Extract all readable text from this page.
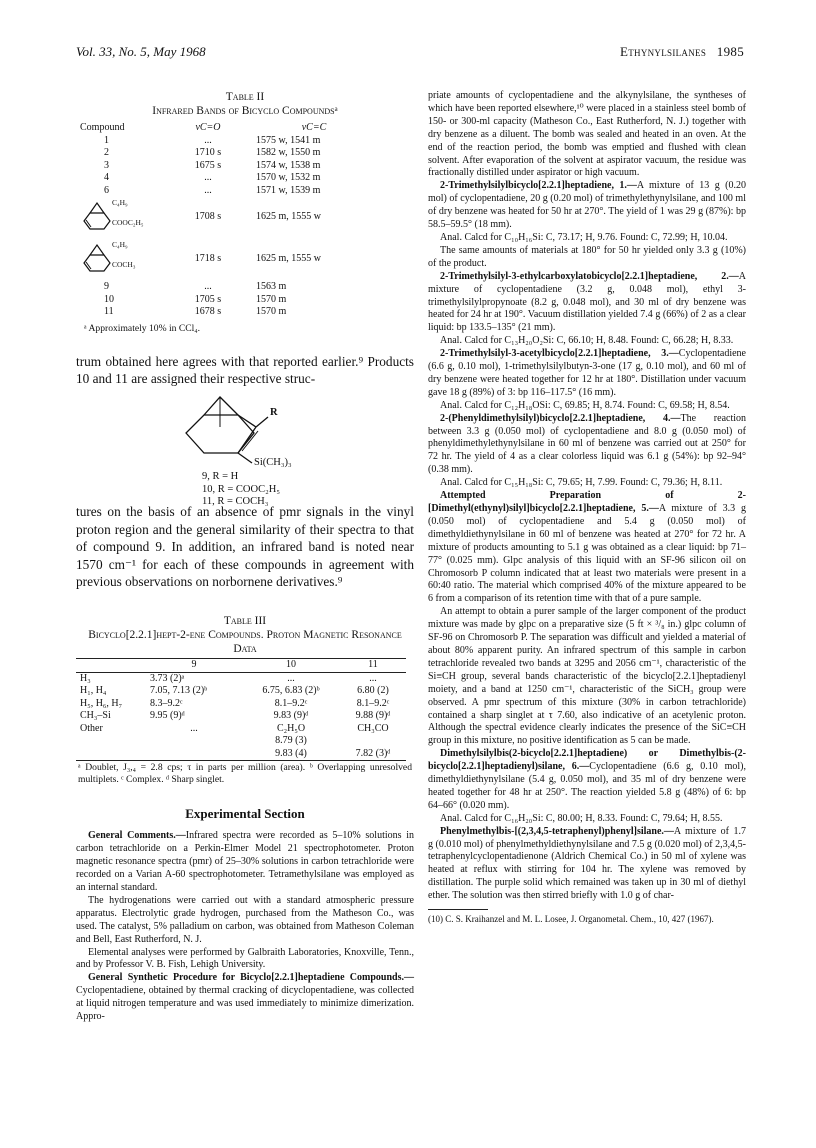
Vol. 33, No. 5, May 1968	Ethynylsilanes 1985
Table II
Infrared Bands of Bicyclo Compoundsᵃ
Compound	νC=O	νC=C
1	...	1575 w, 1541 m
2	1710 s	1582 w, 1550 m
3	1675 s	1574 w, 1538 m
4	...	1570 w, 1532 m
6	...	1571 w, 1539 m

C₄H₉
COOC₂H₅	1708 s	1625 m, 1555 w

C₄H₉
COCH₃	1718 s	1625 m, 1555 w
9	...	1563 m
10	1705 s	1570 m
11	1678 s	1570 m
ᵃ Approximately 10% in CCl₄.
trum obtained here agrees with that reported earlier.⁹ Products 10 and 11 are assigned their respective struc-
R
Si(CH₃)₃
9, R = H
10, R = COOC₂H₅
11, R = COCH₃
tures on the basis of an absence of pmr signals in the vinyl proton region and the general similarity of their spectra to that of compound 9. In addition, an infrared band is noted near 1570 cm⁻¹ for each of these compounds in agreement with previous observations on norbornene derivatives.⁹
Table III
Bicyclo[2.2.1]hept-2-ene Compounds. Proton Magnetic Resonance Data
	9	10	11
H₃	3.73 (2)ᵃ	...	...
H₁, H₄	7.05, 7.13 (2)ᵇ	6.75, 6.83 (2)ᵇ	6.80 (2)
H₅, H₆, H₇	8.3–9.2ᶜ	8.1–9.2ᶜ	8.1–9.2ᶜ
CH₃–Si	9.95 (9)ᵈ	9.83 (9)ᵈ	9.88 (9)ᵈ
Other	...	C₂H₅O	CH₃CO
		8.79 (3)	
		9.83 (4)	7.82 (3)ᵈ

ᵃ Doublet, J₃,₄ = 2.8 cps; τ in parts per million (area). ᵇ Overlapping unresolved multiplets. ᶜ Complex. ᵈ Sharp singlet.
Experimental Section

General Comments.—Infrared spectra were recorded as 5–10% solutions in carbon tetrachloride on a Perkin-Elmer Model 21 spectrophotometer. Proton magnetic resonance spectra (pmr) of 25–30% solutions in carbon tetrachloride were recorded on a Varian A-60 spectrophotometer. Tetramethylsilane was employed as an internal standard.

The hydrogenations were carried out with a standard atmospheric pressure apparatus. Electrolytic grade hydrogen, purchased from the Matheson Co., was used. The catalyst, 5% palladium on carbon, was obtained from Matheson Coleman and Bell, East Rutherford, N. J.

Elemental analyses were performed by Galbraith Laboratories, Knoxville, Tenn., and by Professor V. B. Fish, Lehigh University.

General Synthetic Procedure for Bicyclo[2.2.1]heptadiene Compounds.—Cyclopentadiene, obtained by thermal cracking of dicyclopentadiene, was collected at liquid nitrogen temperature and was used immediately to minimize dimerization. Appro-

priate amounts of cyclopentadiene and the alkynylsilane, the syntheses of which have been reported elsewhere,¹⁰ were placed in a stainless steel bomb of 150- or 300-ml capacity (Matheson Co., East Rutherford, N. J.) together with dry benzene as a diluent. The bomb was sealed and heated in an oven. At the end of the reaction period, the bomb was emptied and flushed with clean solvent. After evaporation of the solvent at aspirator vacuum, the residue was fractionally distilled under aspirator or high vacuum.

2-Trimethylsilylbicyclo[2.2.1]heptadiene, 1.—A mixture of 13 g (0.20 mol) of cyclopentadiene, 20 g (0.20 mol) of trimethylethynylsilane, and 100 ml of dry benzene was heated for 50 hr at 270°. The yield of 1 was 29 g (87%): bp 58.5–59.5° (18 mm).

Anal. Calcd for C₁₀H₁₆Si: C, 73.17; H, 9.76. Found: C, 72.99; H, 10.04.

The same amounts of materials at 180° for 50 hr yielded only 3.3 g (10%) of the product.

2-Trimethylsilyl-3-ethylcarboxylatobicyclo[2.2.1]heptadiene, 2.—A mixture of cyclopentadiene (3.2 g, 0.048 mol), ethyl 3-trimethylsilylpropynoate (8.2 g, 0.048 mol), and 30 ml of dry benzene was heated for 24 hr at 190°. Vacuum distillation yielded 7.4 g (66%) of 2 as a clear liquid: bp 133.5–135° (21 mm).

Anal. Calcd for C₁₃H₂₀O₂Si: C, 66.10; H, 8.48. Found: C, 66.28; H, 8.33.

2-Trimethylsilyl-3-acetylbicyclo[2.2.1]heptadiene, 3.—Cyclopentadiene (6.6 g, 0.10 mol), 1-trimethylsilylbutyn-3-one (17 g, 0.10 mol), and 60 ml of dry benzene were heated together for 12 hr at 180°. Distillation under vacuum gave 18 g (89%) of 3: bp 116–117.5° (16 mm).

Anal. Calcd for C₁₂H₁₈OSi: C, 69.85; H, 8.74. Found: C, 69.58; H, 8.54.

2-(Phenyldimethylsilyl)bicyclo[2.2.1]heptadiene, 4.—The reaction between 3.3 g (0.050 mol) of cyclopentadiene and 8.0 g (0.050 mol) of phenyldimethylethynylsilane in 60 ml of benzene was carried out at 250° for 72 hr. The yield of 4 as a clear colorless liquid was 6.1 g (54%): bp 92–94° (0.38 mm).

Anal. Calcd for C₁₅H₁₈Si: C, 79.65; H, 7.99. Found: C, 79.36; H, 8.11.

Attempted Preparation of 2-[Dimethyl(ethynyl)silyl]bicyclo[2.2.1]heptadiene, 5.—A mixture of 3.3 g (0.050 mol) of cyclopentadiene and 5.4 g (0.050 mol) of dimethyldiethynylsilane in 60 ml of benzene was heated at 270° for 72 hr. A mixture of products amounting to 5.1 g was obtained as a clear liquid: bp 71–77° (0.025 mm). Glpc analysis of this liquid with an SF-96 silicon oil on Chromosorb P column indicated that at least two materials were present in a 60:40 ratio. The material which comprised 40% of the mixture appeared to be 6 from a comparison of its retention time with that of a pure sample.

An attempt to obtain a purer sample of the larger component of the product mixture was made by glpc on a preparative size (5 ft × ³/₈ in.) glpc column of SF-96 on Chromosorb P. The separation was difficult and yielded a material of about 80% apparent purity. An infrared spectrum of this sample in carbon tetrachloride revealed two bands at 3295 and 2056 cm⁻¹, characteristic of the Si≡CH group, several bands characteristic of the bicyclo[2.2.1]heptadienyl moiety, and a band at 1250 cm⁻¹, characteristic of the SiCH₃ group were observed. A pmr spectrum of this mixture (30% in carbon tetrachloride) contained a sharp singlet at τ 7.60, also indicative of an acetylenic proton. Although the spectral evidence clearly indicates the presence of the SiC≡CH group in this mixture, no positive identification as 5 can be made.

Dimethylsilylbis(2-bicyclo[2.2.1]heptadiene) or Dimethylbis-(2-bicyclo[2.2.1]heptadienyl)silane, 6.—Cyclopentadiene (6.6 g, 0.10 mol), dimethyldiethynylsilane (5.4 g, 0.050 mol), and 35 ml of dry benzene were heated together for 48 hr at 250°. The reaction yielded 5.8 g (48%) of 6: bp 64–66° (0.020 mm).

Anal. Calcd for C₁₆H₂₀Si: C, 80.00; H, 8.33. Found: C, 79.64; H, 8.55.

Phenylmethylbis-[(2,3,4,5-tetraphenyl)phenyl]silane.—A mixture of 1.7 g (0.010 mol) of phenylmethyldiethynylsilane and 7.5 g (0.020 mol) of 2,3,4,5-tetraphenylcyclopentadienone (Aldrich Chemical Co.) in 50 ml of xylene was heated at reflux with stirring for 104 hr. The xylene was removed by distillation. The purple solid which remained was taken up in 30 ml of diethyl ether. The solution was then stirred briefly with 1.0 g of char-

(10) C. S. Kraihanzel and M. L. Losee, J. Organometal. Chem., 10, 427 (1967).
